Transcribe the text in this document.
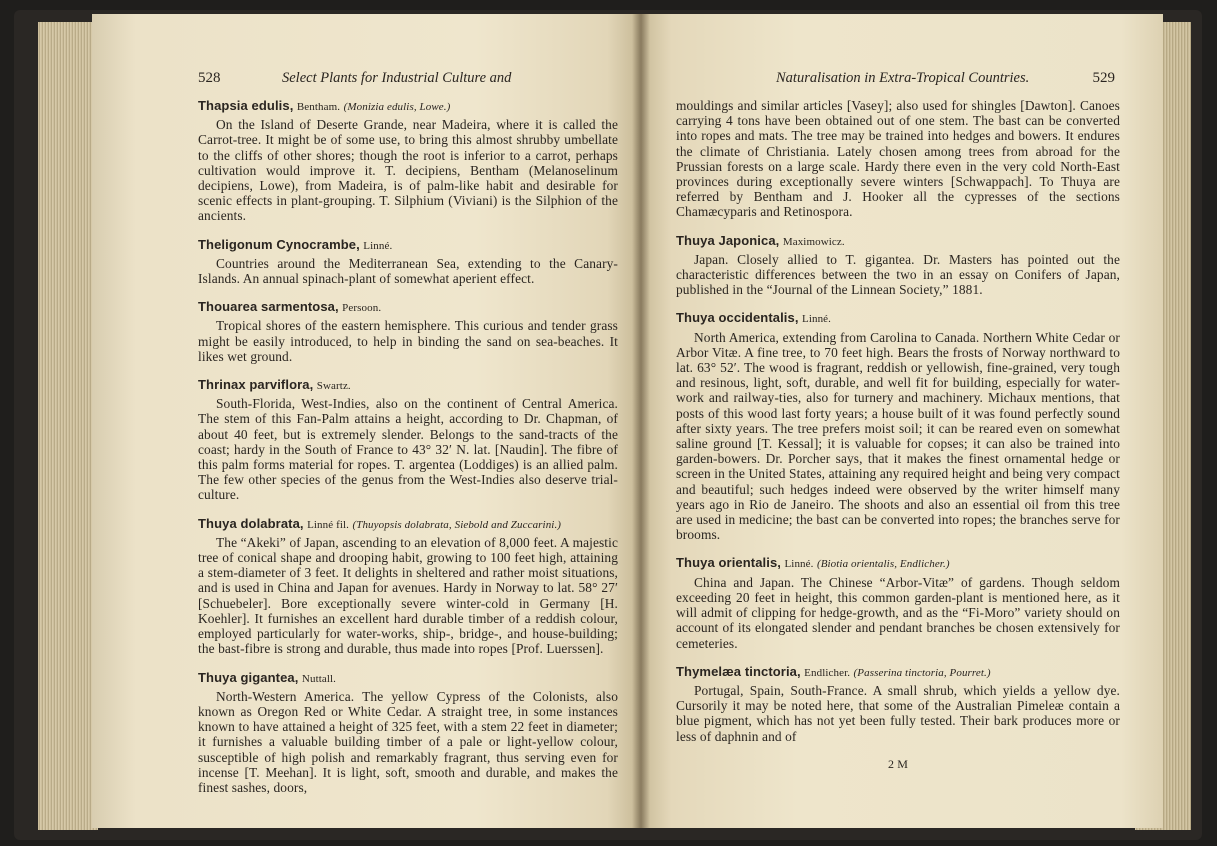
528	Select Plants for Industrial Culture and
Thapsia edulis, Bentham. (Monizia edulis, Lowe.)

On the Island of Deserte Grande, near Madeira, where it is called the Carrot-tree. It might be of some use, to bring this almost shrubby umbellate to the cliffs of other shores; though the root is inferior to a carrot, perhaps cultivation would improve it. T. decipiens, Bentham (Melanoselinum decipiens, Lowe), from Madeira, is of palm-like habit and desirable for scenic effects in plant-grouping. T. Silphium (Viviani) is the Silphion of the ancients.

Theligonum Cynocrambe, Linné.

Countries around the Mediterranean Sea, extending to the Canary-Islands. An annual spinach-plant of somewhat aperient effect.

Thouarea sarmentosa, Persoon.

Tropical shores of the eastern hemisphere. This curious and tender grass might be easily introduced, to help in binding the sand on sea-beaches. It likes wet ground.

Thrinax parviflora, Swartz.

South-Florida, West-Indies, also on the continent of Central America. The stem of this Fan-Palm attains a height, according to Dr. Chapman, of about 40 feet, but is extremely slender. Belongs to the sand-tracts of the coast; hardy in the South of France to 43° 32′ N. lat. [Naudin]. The fibre of this palm forms material for ropes. T. argentea (Loddiges) is an allied palm. The few other species of the genus from the West-Indies also deserve trial-culture.

Thuya dolabrata, Linné fil. (Thuyopsis dolabrata, Siebold and Zuccarini.)

The “Akeki” of Japan, ascending to an elevation of 8,000 feet. A majestic tree of conical shape and drooping habit, growing to 100 feet high, attaining a stem-diameter of 3 feet. It delights in sheltered and rather moist situations, and is used in China and Japan for avenues. Hardy in Norway to lat. 58° 27′ [Schuebeler]. Bore exceptionally severe winter-cold in Germany [H. Koehler]. It furnishes an excellent hard durable timber of a reddish colour, employed particularly for water-works, ship-, bridge-, and house-building; the bast-fibre is strong and durable, thus made into ropes [Prof. Luerssen].

Thuya gigantea, Nuttall.

North-Western America. The yellow Cypress of the Colonists, also known as Oregon Red or White Cedar. A straight tree, in some instances known to have attained a height of 325 feet, with a stem 22 feet in diameter; it furnishes a valuable building timber of a pale or light-yellow colour, susceptible of high polish and remarkably fragrant, thus serving even for incense [T. Meehan]. It is light, soft, smooth and durable, and makes the finest sashes, doors,

Naturalisation in Extra-Tropical Countries.	529

mouldings and similar articles [Vasey]; also used for shingles [Dawton]. Canoes carrying 4 tons have been obtained out of one stem. The bast can be converted into ropes and mats. The tree may be trained into hedges and bowers. It endures the climate of Christiania. Lately chosen among trees from abroad for the Prussian forests on a large scale. Hardy there even in the very cold North-East provinces during exceptionally severe winters [Schwappach]. To Thuya are referred by Bentham and J. Hooker all the cypresses of the sections Chamæcyparis and Retinospora.

Thuya Japonica, Maximowicz.

Japan. Closely allied to T. gigantea. Dr. Masters has pointed out the characteristic differences between the two in an essay on Conifers of Japan, published in the “Journal of the Linnean Society,” 1881.

Thuya occidentalis, Linné.

North America, extending from Carolina to Canada. Northern White Cedar or Arbor Vitæ. A fine tree, to 70 feet high. Bears the frosts of Norway northward to lat. 63° 52′. The wood is fragrant, reddish or yellowish, fine-grained, very tough and resinous, light, soft, durable, and well fit for building, especially for water-work and railway-ties, also for turnery and machinery. Michaux mentions, that posts of this wood last forty years; a house built of it was found perfectly sound after sixty years. The tree prefers moist soil; it can be reared even on somewhat saline ground [T. Kessal]; it is valuable for copses; it can also be trained into garden-bowers. Dr. Porcher says, that it makes the finest ornamental hedge or screen in the United States, attaining any required height and being very compact and beautiful; such hedges indeed were observed by the writer himself many years ago in Rio de Janeiro. The shoots and also an essential oil from this tree are used in medicine; the bast can be converted into ropes; the branches serve for brooms.

Thuya orientalis, Linné. (Biotia orientalis, Endlicher.)

China and Japan. The Chinese “Arbor-Vitæ” of gardens. Though seldom exceeding 20 feet in height, this common garden-plant is mentioned here, as it will admit of clipping for hedge-growth, and as the “Fi-Moro” variety should on account of its elongated slender and pendant branches be chosen extensively for cemeteries.

Thymelæa tinctoria, Endlicher. (Passerina tinctoria, Pourret.)

Portugal, Spain, South-France. A small shrub, which yields a yellow dye. Cursorily it may be noted here, that some of the Australian Pimeleæ contain a blue pigment, which has not yet been fully tested. Their bark produces more or less of daphnin and of

2 M
